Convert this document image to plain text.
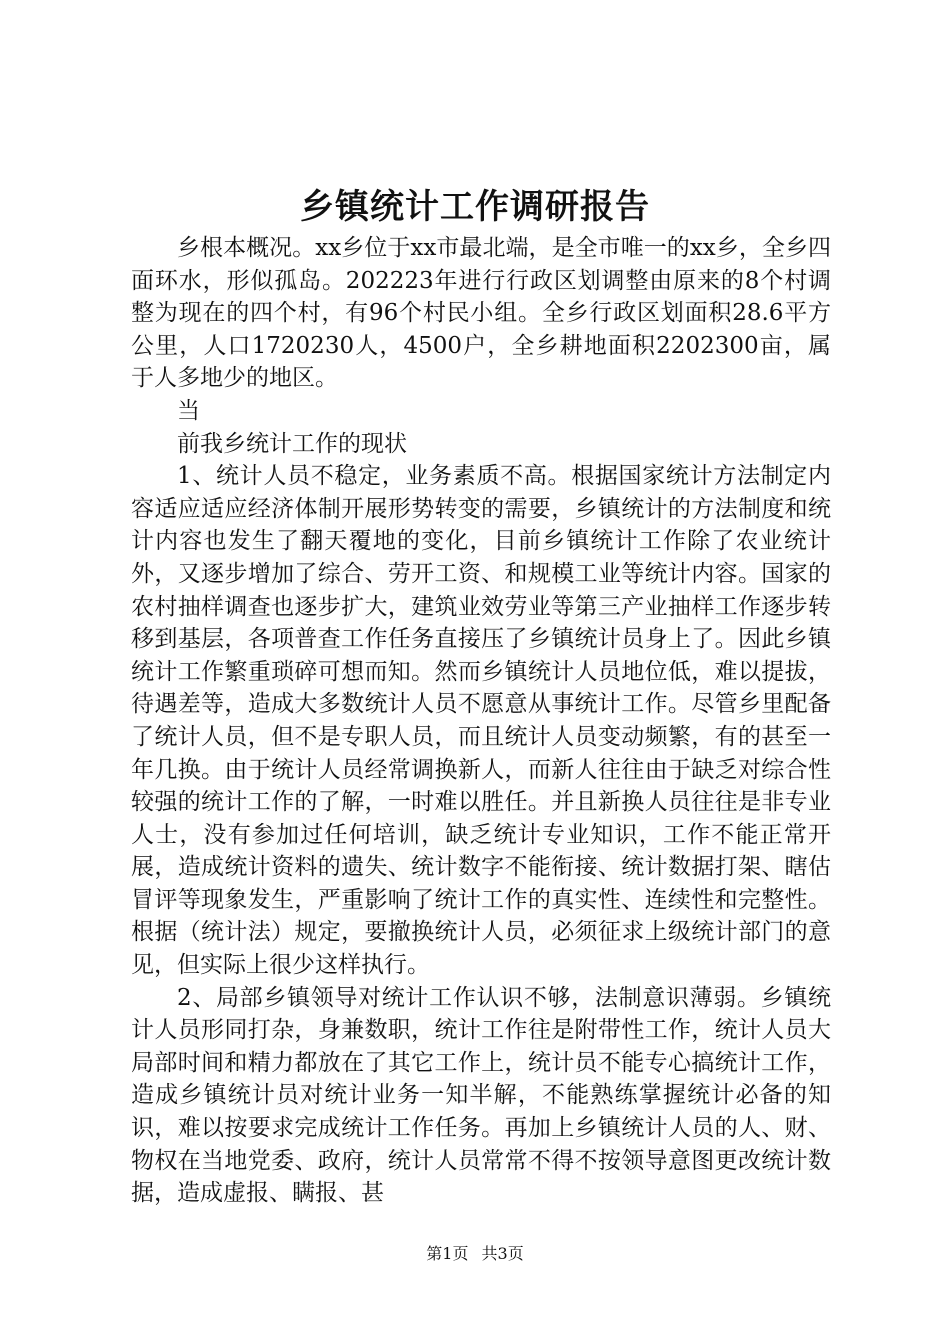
乡镇统计工作调研报告

乡根本概况。xx乡位于xx市最北端，是全市唯一的xx乡，全乡四面环水，形似孤岛。202223年进行行政区划调整由原来的8个村调整为现在的四个村，有96个村民小组。全乡行政区划面积28.6平方公里，人口1720230人，4500户，全乡耕地面积2202300亩，属于人多地少的地区。

当

前我乡统计工作的现状

1、统计人员不稳定，业务素质不高。根据国家统计方法制定内容适应适应经济体制开展形势转变的需要，乡镇统计的方法制度和统计内容也发生了翻天覆地的变化，目前乡镇统计工作除了农业统计外，又逐步增加了综合、劳开工资、和规模工业等统计内容。国家的农村抽样调查也逐步扩大，建筑业效劳业等第三产业抽样工作逐步转移到基层，各项普查工作任务直接压了乡镇统计员身上了。因此乡镇统计工作繁重琐碎可想而知。然而乡镇统计人员地位低，难以提拔，待遇差等，造成大多数统计人员不愿意从事统计工作。尽管乡里配备了统计人员，但不是专职人员，而且统计人员变动频繁，有的甚至一年几换。由于统计人员经常调换新人，而新人往往由于缺乏对综合性较强的统计工作的了解，一时难以胜任。并且新换人员往往是非专业人士，没有参加过任何培训，缺乏统计专业知识，工作不能正常开展，造成统计资料的遗失、统计数字不能衔接、统计数据打架、瞎估冒评等现象发生，严重影响了统计工作的真实性、连续性和完整性。根据（统计法）规定，要撤换统计人员，必须征求上级统计部门的意见，但实际上很少这样执行。

2、局部乡镇领导对统计工作认识不够，法制意识薄弱。乡镇统计人员形同打杂，身兼数职，统计工作往是附带性工作，统计人员大局部时间和精力都放在了其它工作上，统计员不能专心搞统计工作，造成乡镇统计员对统计业务一知半解，不能熟练掌握统计必备的知识，难以按要求完成统计工作任务。再加上乡镇统计人员的人、财、物权在当地党委、政府，统计人员常常不得不按领导意图更改统计数据，造成虚报、瞒报、甚

第1页 共3页
